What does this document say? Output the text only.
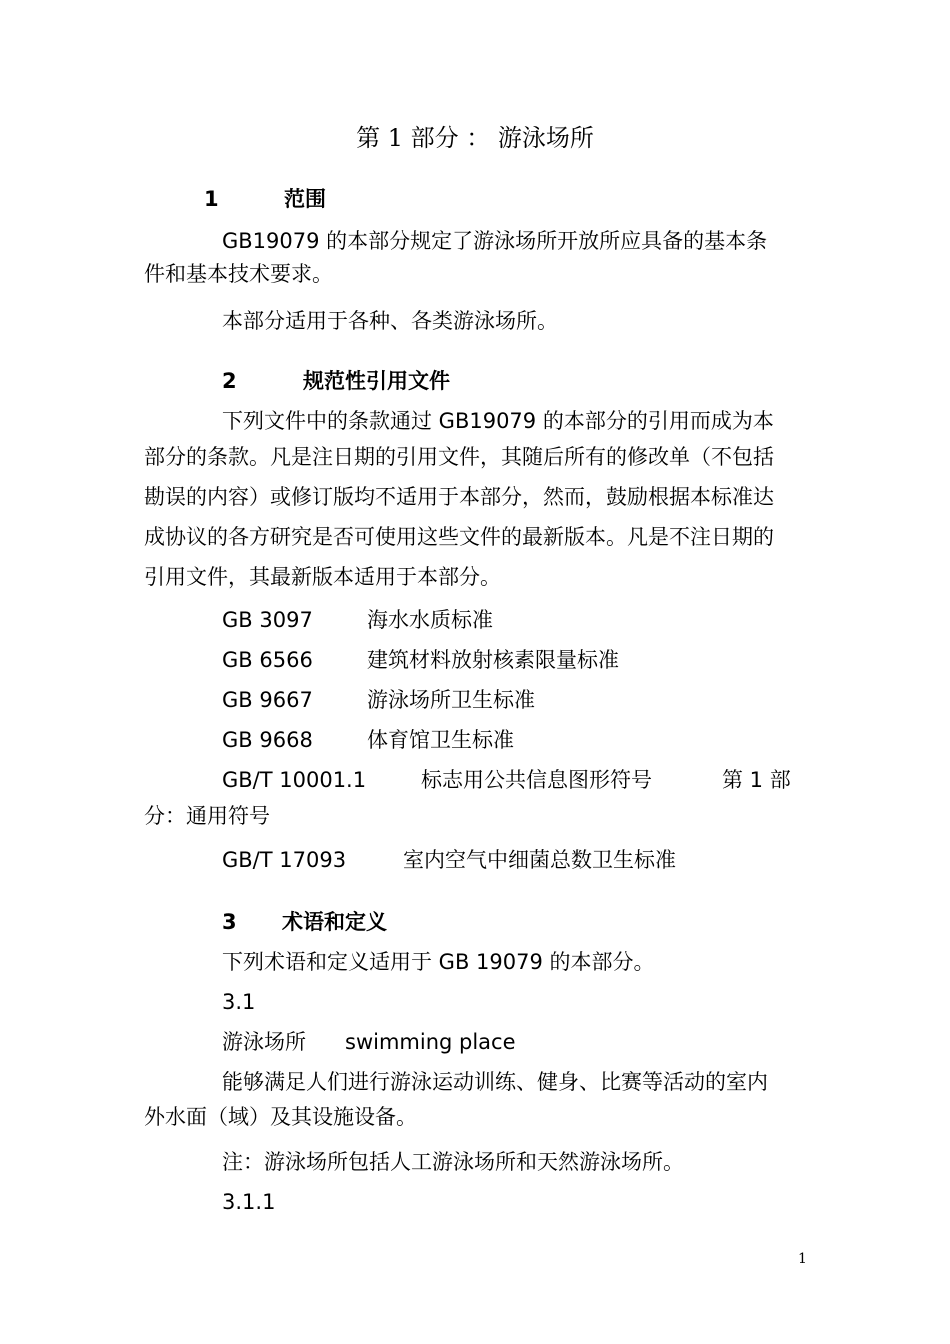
第 1 部分 ： 游泳场所
1	范围

GB19079 的本部分规定了游泳场所开放所应具备的基本条

件和基本技术要求。

本部分适用于各种、各类游泳场所。

2	规范性引用文件

下列文件中的条款通过 GB19079 的本部分的引用而成为本

部分的条款。凡是注日期的引用文件，其随后所有的修改单（不包括

勘误的内容）或修订版均不适用于本部分，然而，鼓励根据本标准达

成协议的各方研究是否可使用这些文件的最新版本。凡是不注日期的

引用文件，其最新版本适用于本部分。

GB 3097	海水水质标准
GB 6566	建筑材料放射核素限量标准
GB 9667	游泳场所卫生标准
GB 9668	体育馆卫生标准
GB/T 10001.1	标志用公共信息图形符号	第 1 部

分：通用符号

GB/T 17093	室内空气中细菌总数卫生标准
3 术语和定义

下列术语和定义适用于 GB 19079 的本部分。

3.1

游泳场所 swimming place

能够满足人们进行游泳运动训练、健身、比赛等活动的室内

外水面（域）及其设施设备。

注：游泳场所包括人工游泳场所和天然游泳场所。

3.1.1

1
